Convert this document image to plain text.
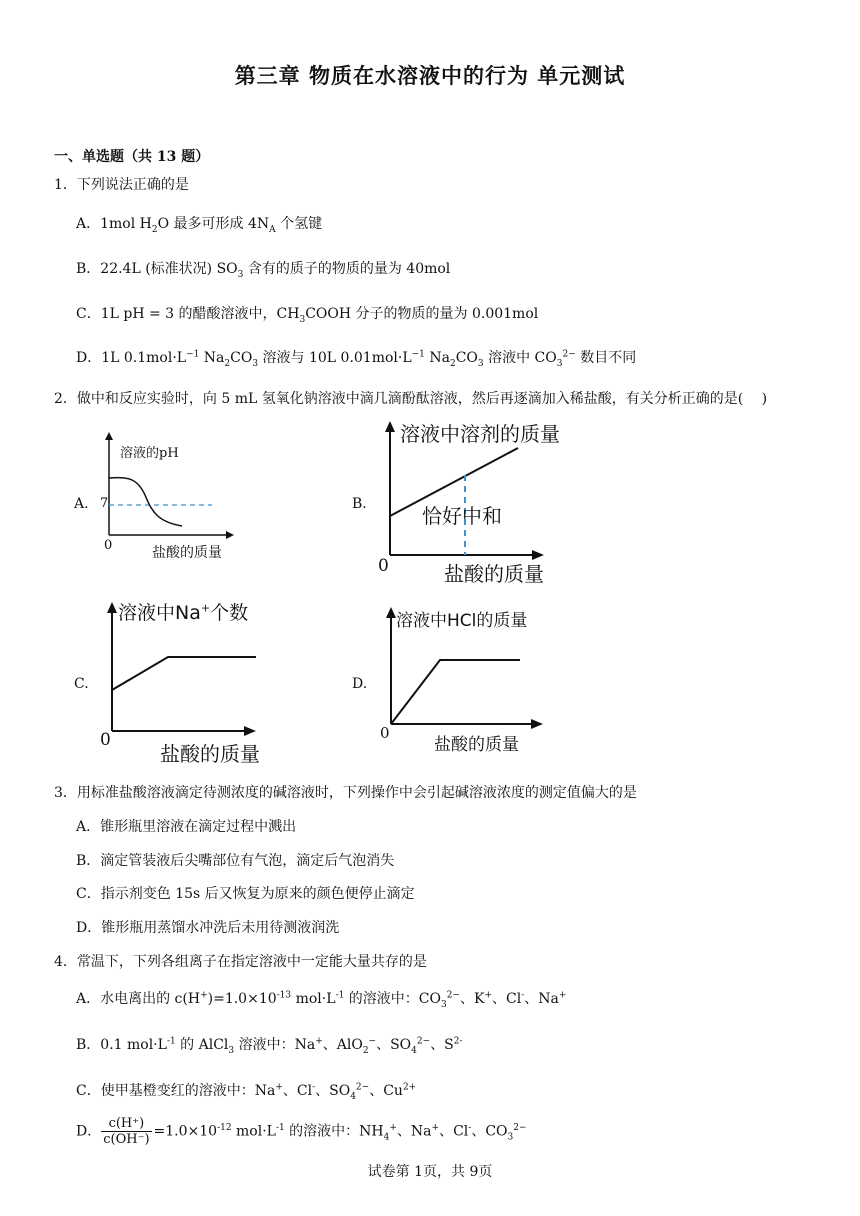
第三章 物质在水溶液中的行为 单元测试
一、单选题（共 13 题）
1．下列说法正确的是
A．1mol $H_2O$ 最多可形成 $4N_A$ 个氢键
B．22.4L (标准状况) $SO_3$ 含有的质子的物质的量为 40mol
C．1L pH = 3 的醋酸溶液中，$CH_3COOH$ 分子的物质的量为 0.001mol
D．1L $0.1mol\cdot L^{-1}$ $Na_2CO_3$ 溶液与 10L $0.01mol\cdot L^{-1}$ $Na_2CO_3$ 溶液中 $CO_3^{2-}$ 数目不同
2．做中和反应实验时，向 5 mL 氢氧化钠溶液中滴几滴酚酞溶液，然后再逐滴加入稀盐酸，有关分析正确的是(　 )
A.	B.
C.	D.
溶液的pH
7
0	盐酸的质量
溶液中溶剂的质量
恰好中和
0	盐酸的质量
溶液中Na+个数
0
盐酸的质量
溶液中HCl的质量
0
盐酸的质量
3．用标准盐酸溶液滴定待测浓度的碱溶液时，下列操作中会引起碱溶液浓度的测定值偏大的是
A．锥形瓶里溶液在滴定过程中溅出
B．滴定管装液后尖嘴部位有气泡，滴定后气泡消失
C．指示剂变色 15s 后又恢复为原来的颜色便停止滴定
D．锥形瓶用蒸馏水冲洗后未用待测液润洗
4．常温下，下列各组离子在指定溶液中一定能大量共存的是
A．水电离出的 $c(H^+)=1.0\times 10^{-13}$ $mol\cdot L^{-1}$ 的溶液中：$CO_3^{2-}$、K+、Cl-、Na+
B．0.1 $mol\cdot L^{-1}$ 的 AlCl$_3$ 溶液中：Na+、AlO$_2$−、$SO_4^{2-}$、$S^{2-}$
C．使甲基橙变红的溶液中：Na+、Cl-、$SO_4^{2-}$、$Cu^{2+}$
D． $\frac{c(H^+)}{c(OH^-)} =1.0\times 10^{-12}$ $mol\cdot L^{-1}$ 的溶液中：$NH_4^+$、Na+、Cl-、$CO_3^{2-}$
试卷第 1页，共 9页
